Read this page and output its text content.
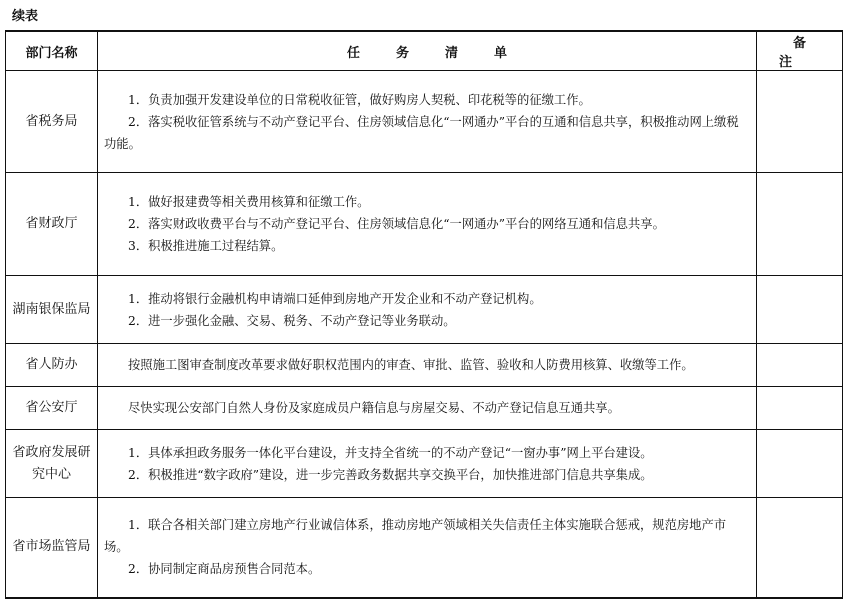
续表
部门名称	任务清单	备注
省税务局	1．负责加强开发建设单位的日常税收征管，做好购房人契税、印花税等的征缴工作。

2．落实税收征管系统与不动产登记平台、住房领域信息化“一网通办”平台的互通和信息共享，积极推动网上缴税功能。	

省财政厅	1．做好报建费等相关费用核算和征缴工作。

2．落实财政收费平台与不动产登记平台、住房领域信息化“一网通办”平台的网络互通和信息共享。

3．积极推进施工过程结算。	

湖南银保监局	1．推动将银行金融机构申请端口延伸到房地产开发企业和不动产登记机构。

2．进一步强化金融、交易、税务、不动产登记等业务联动。	

省人防办	按照施工图审查制度改革要求做好职权范围内的审查、审批、监管、验收和人防费用核算、收缴等工作。	

省公安厅	尽快实现公安部门自然人身份及家庭成员户籍信息与房屋交易、不动产登记信息互通共享。	

省政府发展研究中心	1．具体承担政务服务一体化平台建设，并支持全省统一的不动产登记“一窗办事”网上平台建设。

2．积极推进“数字政府”建设，进一步完善政务数据共享交换平台，加快推进部门信息共享集成。	

省市场监管局	1．联合各相关部门建立房地产行业诚信体系，推动房地产领域相关失信责任主体实施联合惩戒，规范房地产市场。

2．协同制定商品房预售合同范本。	
